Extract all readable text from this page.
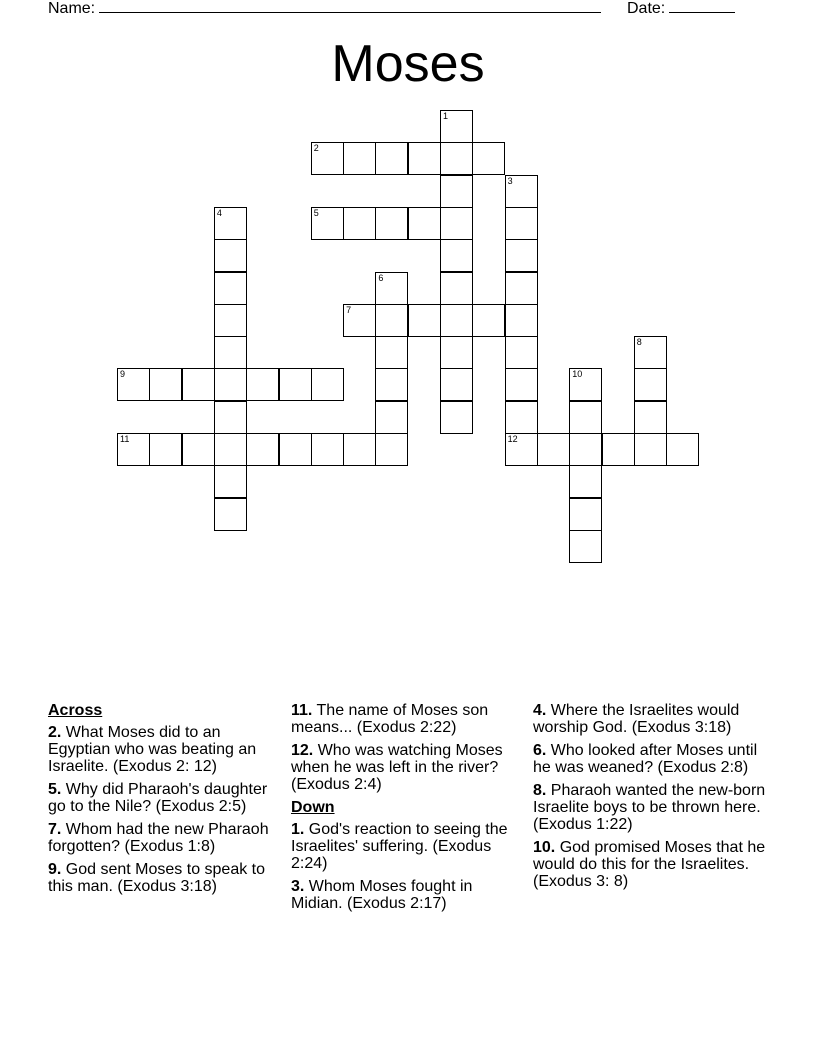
Name:	Date:
Moses
1
2
3
12
4	5
6
7
8
9	10
11
Across
2. What Moses did to an Egyptian who was beating an Israelite. (Exodus 2: 12)
5. Why did Pharaoh's daughter go to the Nile? (Exodus 2:5)
7. Whom had the new Pharaoh forgotten? (Exodus 1:8)
9. God sent Moses to speak to this man. (Exodus 3:18)
11. The name of Moses son means... (Exodus 2:22)
12. Who was watching Moses when he was left in the river? (Exodus 2:4)
Down
1. God's reaction to seeing the Israelites' suffering. (Exodus 2:24)
3. Whom Moses fought in Midian. (Exodus 2:17)
4. Where the Israelites would worship God. (Exodus 3:18)
6. Who looked after Moses until he was weaned? (Exodus 2:8)
8. Pharaoh wanted the new-born Israelite boys to be thrown here. (Exodus 1:22)
10. God promised Moses that he would do this for the Israelites. (Exodus 3: 8)
